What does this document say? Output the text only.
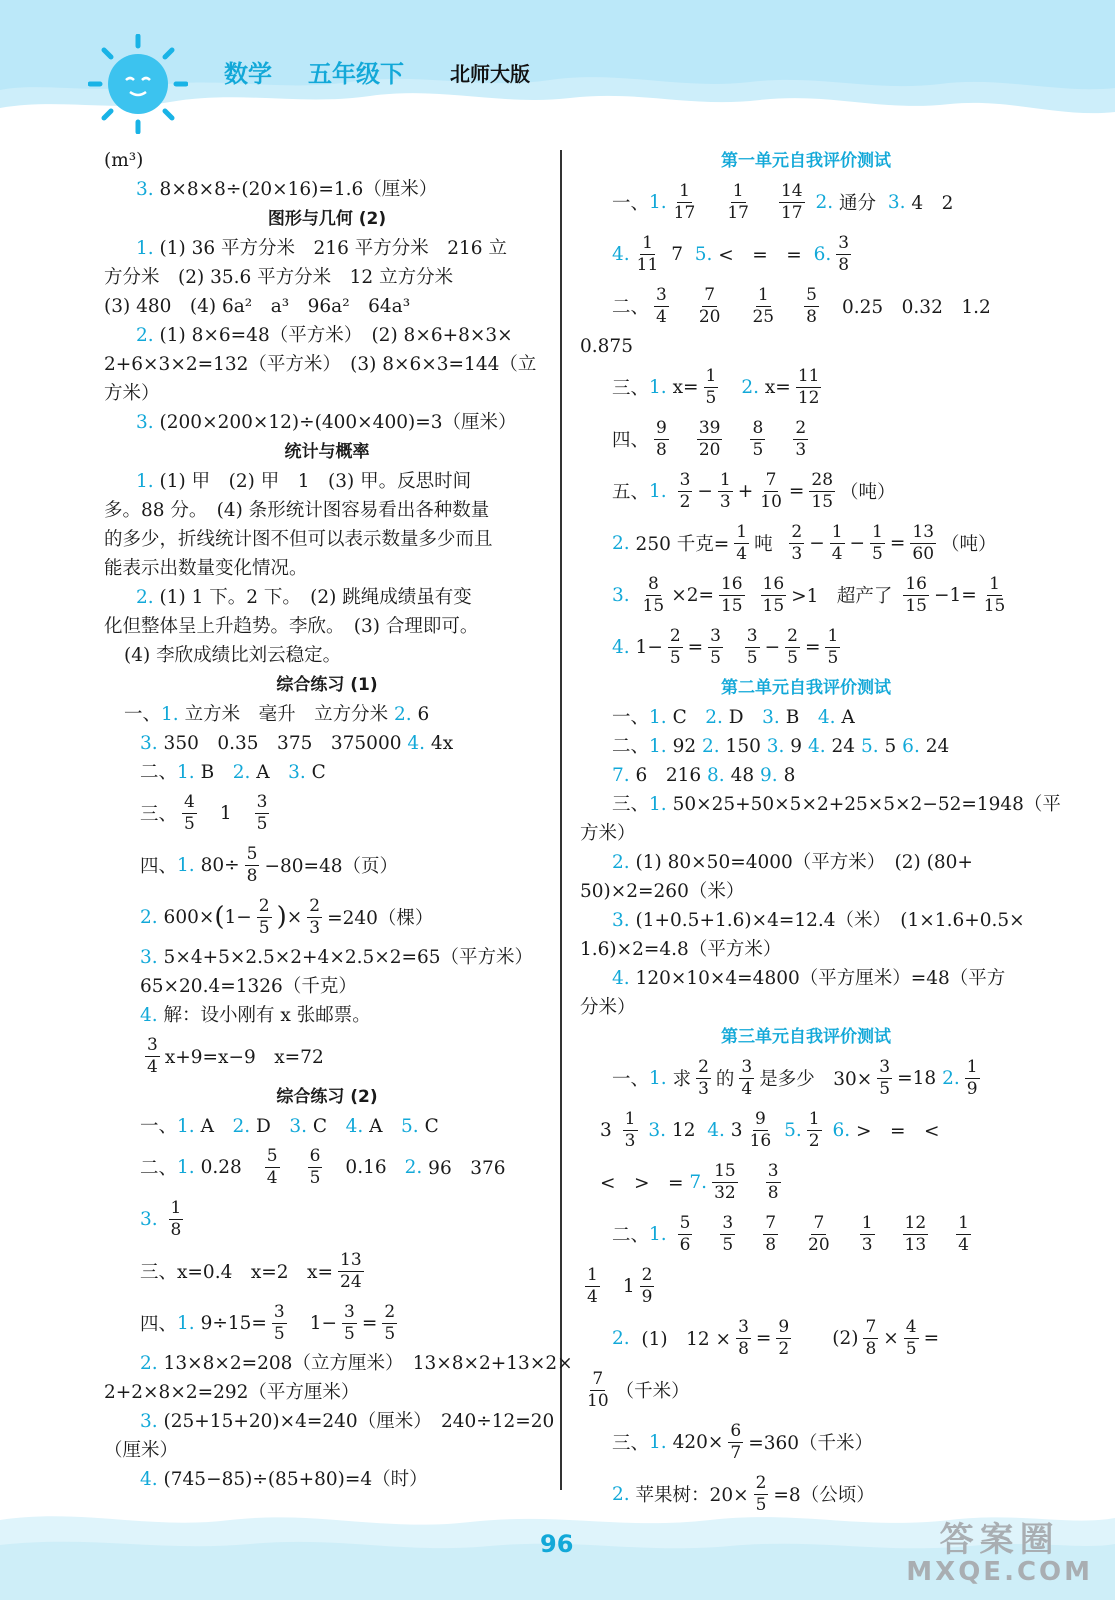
数学 五年级下 北师大版
96	答案圈
MXQE.COM
(m³)
3. 8×8×8÷(20×16)=1.6（厘米）
图形与几何 (2)
1. (1) 36 平方分米　216 平方分米　216 立
方分米　(2) 35.6 平方分米　12 立方分米
(3) 480　(4) 6a²　a³　96a²　64a³
2. (1) 8×6=48（平方米）　(2) 8×6+8×3×
2+6×3×2=132（平方米）　(3) 8×6×3=144（立
方米）
3. (200×200×12)÷(400×400)=3（厘米）
统计与概率
1. (1) 甲　(2) 甲　1　(3) 甲。反思时间
多。88 分。　(4) 条形统计图容易看出各种数量
的多少，折线统计图不但可以表示数量多少而且
能表示出数量变化情况。
2. (1) 1 下。2 下。　(2) 跳绳成绩虽有变
化但整体呈上升趋势。李欣。　(3) 合理即可。
(4) 李欣成绩比刘云稳定。
综合练习 (1)
一、1. 立方米　毫升　立方分米 2. 6
3. 350　0.35　375　375000 4. 4x
二、1. B　 2. A　 3. C
三、 $\frac{4}{5} 1 \frac{3}{5}$
四、 1.
$80\div \frac{5}{8} -80=48$（页）
2.
600× ( $1- \frac{2}{5}$ ) × $\frac{2}{3} =240$（棵）
3. 5×4+5×2.5×2+4×2.5×2=65（平方米）
65×20.4=1326（千克）
4. 解：设小刚有 x 张邮票。
$\frac{3}{4} x+9=x-9$　x=72
综合练习 (2)
一、1. A　 2. D　 3. C　 4. A　 5. C
二、 1.
$0.28 \frac{5}{4} \frac{6}{5} 0.16$ 2.
96　376
3.
$\frac{1}{8}$
三、x=0.4　x=2　$x= \frac{13}{24}$
四、 1.
$9\div 15= \frac{3}{5} 1- \frac{3}{5} = \frac{2}{5}$
2. 13×8×2=208（立方厘米）　13×8×2+13×2×
2+2×8×2=292（平方厘米）
3. (25+15+20)×4=240（厘米）　240÷12=20
（厘米）
4. (745−85)÷(85+80)=4（时）
第一单元自我评价测试
一、 1. $\frac{1}{17} \frac{1}{17} \frac{14}{17}$
2.
通分
3.
4　2
4. $\frac{1}{11}$
7
5.
<　=　=
6. $\frac{3}{8}$
二、 $\frac{3}{4} \frac{7}{20} \frac{1}{25} \frac{5}{8} 0.25$　0.32　1.2
0.875
三、 1.
$x= \frac{1}{5} 2$.
$x= \frac{11}{12}$
四、 $\frac{9}{8} \frac{39}{20} \frac{8}{5} \frac{2}{3}$
五、 1.
$\frac{3}{2} - \frac{1}{3} + \frac{7}{10} = \frac{28}{15}$ （吨）
2.
250 千克= $\frac{1}{4}$ 吨
$\frac{2}{3} - \frac{1}{4} - \frac{1}{5} = \frac{13}{60}$ （吨）
3.
$\frac{8}{15} \times 2= \frac{16}{15}$
$\frac{16}{15} >1$　超产了
$\frac{16}{15} -1= \frac{1}{15}$
4.
$1- \frac{2}{5} = \frac{3}{5}$
$\frac{3}{5} - \frac{2}{5} = \frac{1}{5}$
第二单元自我评价测试
一、1. C　 2. D　 3. B　 4. A
二、1. 92 2. 150 3. 9 4. 24 5. 5 6. 24
7. 6　216 8. 48 9. 8
三、1. 50×25+50×5×2+25×5×2−52=1948（平
方米）
2. (1) 80×50=4000（平方米）　(2) (80+
50)×2=260（米）
3. (1+0.5+1.6)×4=12.4（米）　(1×1.6+0.5×
1.6)×2=4.8（平方米）
4. 120×10×4=4800（平方厘米）=48（平方
分米）
第三单元自我评价测试
一、 1.
求 $\frac{2}{3}$ 的 $\frac{3}{4}$ 是多少　$30\times \frac{3}{5} =18$
2. $\frac{1}{9}$
3
$\frac{1}{3}$
3.
12
4.
$3 \frac{9}{16}$
5. $\frac{1}{2}$
6.
>　=　<
<　>　=
7. $\frac{15}{32} \frac{3}{8}$
二、 1.
$\frac{5}{6} \frac{3}{5} \frac{7}{8} \frac{7}{20} \frac{1}{3} \frac{12}{13} \frac{1}{4}$
$\frac{1}{4} 1 \frac{2}{9}$
2.
(1)　$12 \times \frac{3}{8} = \frac{9}{2} (2) \frac{7}{8} \times \frac{4}{5}$ =
$\frac{7}{10}$ （千米）
三、 1.
$420\times \frac{6}{7} =360$（千米）
2.
苹果树：$20\times \frac{2}{5} =8$（公顷）
